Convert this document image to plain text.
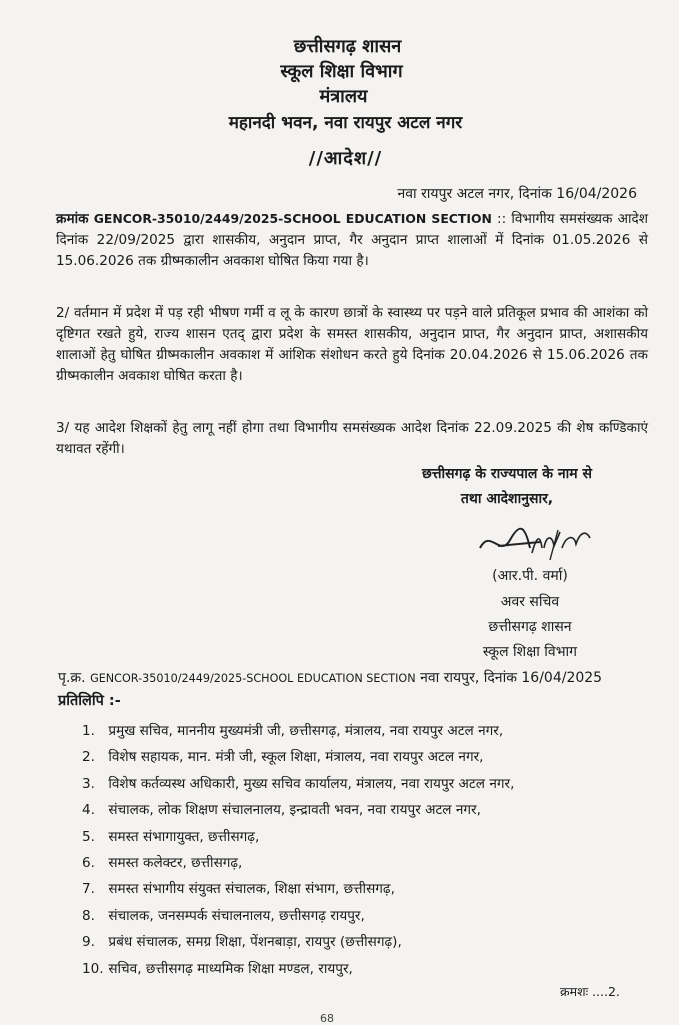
छत्तीसगढ़ शासन

स्कूल शिक्षा विभाग

मंत्रालय

महानदी भवन, नवा रायपुर अटल नगर

//आदेश//

नवा रायपुर अटल नगर, दिनांक 16/04/2026

क्रमांक GENCOR-35010/2449/2025-SCHOOL EDUCATION SECTION :: विभागीय समसंख्यक आदेश दिनांक 22/09/2025 द्वारा शासकीय, अनुदान प्राप्त, गैर अनुदान प्राप्त शालाओं में दिनांक 01.05.2026 से 15.06.2026 तक ग्रीष्मकालीन अवकाश घोषित किया गया है।

2/ वर्तमान में प्रदेश में पड़ रही भीषण गर्मी व लू के कारण छात्रों के स्वास्थ्य पर पड़ने वाले प्रतिकूल प्रभाव की आशंका को दृष्टिगत रखते हुये, राज्य शासन एतद् द्वारा प्रदेश के समस्त शासकीय, अनुदान प्राप्त, गैर अनुदान प्राप्त, अशासकीय शालाओं हेतु घोषित ग्रीष्मकालीन अवकाश में आंशिक संशोधन करते हुये दिनांक 20.04.2026 से 15.06.2026 तक ग्रीष्मकालीन अवकाश घोषित करता है।

3/ यह आदेश शिक्षकों हेतु लागू नहीं होगा तथा विभागीय समसंख्यक आदेश दिनांक 22.09.2025 की शेष कण्डिकाएं यथावत रहेंगी।

छत्तीसगढ़ के राज्यपाल के नाम से
तथा आदेशानुसार,

(आर.पी. वर्मा)

अवर सचिव

छत्तीसगढ़ शासन

स्कूल शिक्षा विभाग

पृ.क्र. GENCOR-35010/2449/2025-SCHOOL EDUCATION SECTION नवा रायपुर, दिनांक 16/04/2025

प्रतिलिपि :-

1. प्रमुख सचिव, माननीय मुख्यमंत्री जी, छत्तीसगढ़, मंत्रालय, नवा रायपुर अटल नगर,
2. विशेष सहायक, मान. मंत्री जी, स्कूल शिक्षा, मंत्रालय, नवा रायपुर अटल नगर,
3. विशेष कर्तव्यस्थ अधिकारी, मुख्य सचिव कार्यालय, मंत्रालय, नवा रायपुर अटल नगर,
4. संचालक, लोक शिक्षण संचालनालय, इन्द्रावती भवन, नवा रायपुर अटल नगर,
5. समस्त संभागायुक्त, छत्तीसगढ़,
6. समस्त कलेक्टर, छत्तीसगढ़,
7. समस्त संभागीय संयुक्त संचालक, शिक्षा संभाग, छत्तीसगढ़,
8. संचालक, जनसम्पर्क संचालनालय, छत्तीसगढ़ रायपुर,
9. प्रबंध संचालक, समग्र शिक्षा, पेंशनबाड़ा, रायपुर (छत्तीसगढ़),
10. सचिव, छत्तीसगढ़ माध्यमिक शिक्षा मण्डल, रायपुर,

क्रमशः ....2.

68
